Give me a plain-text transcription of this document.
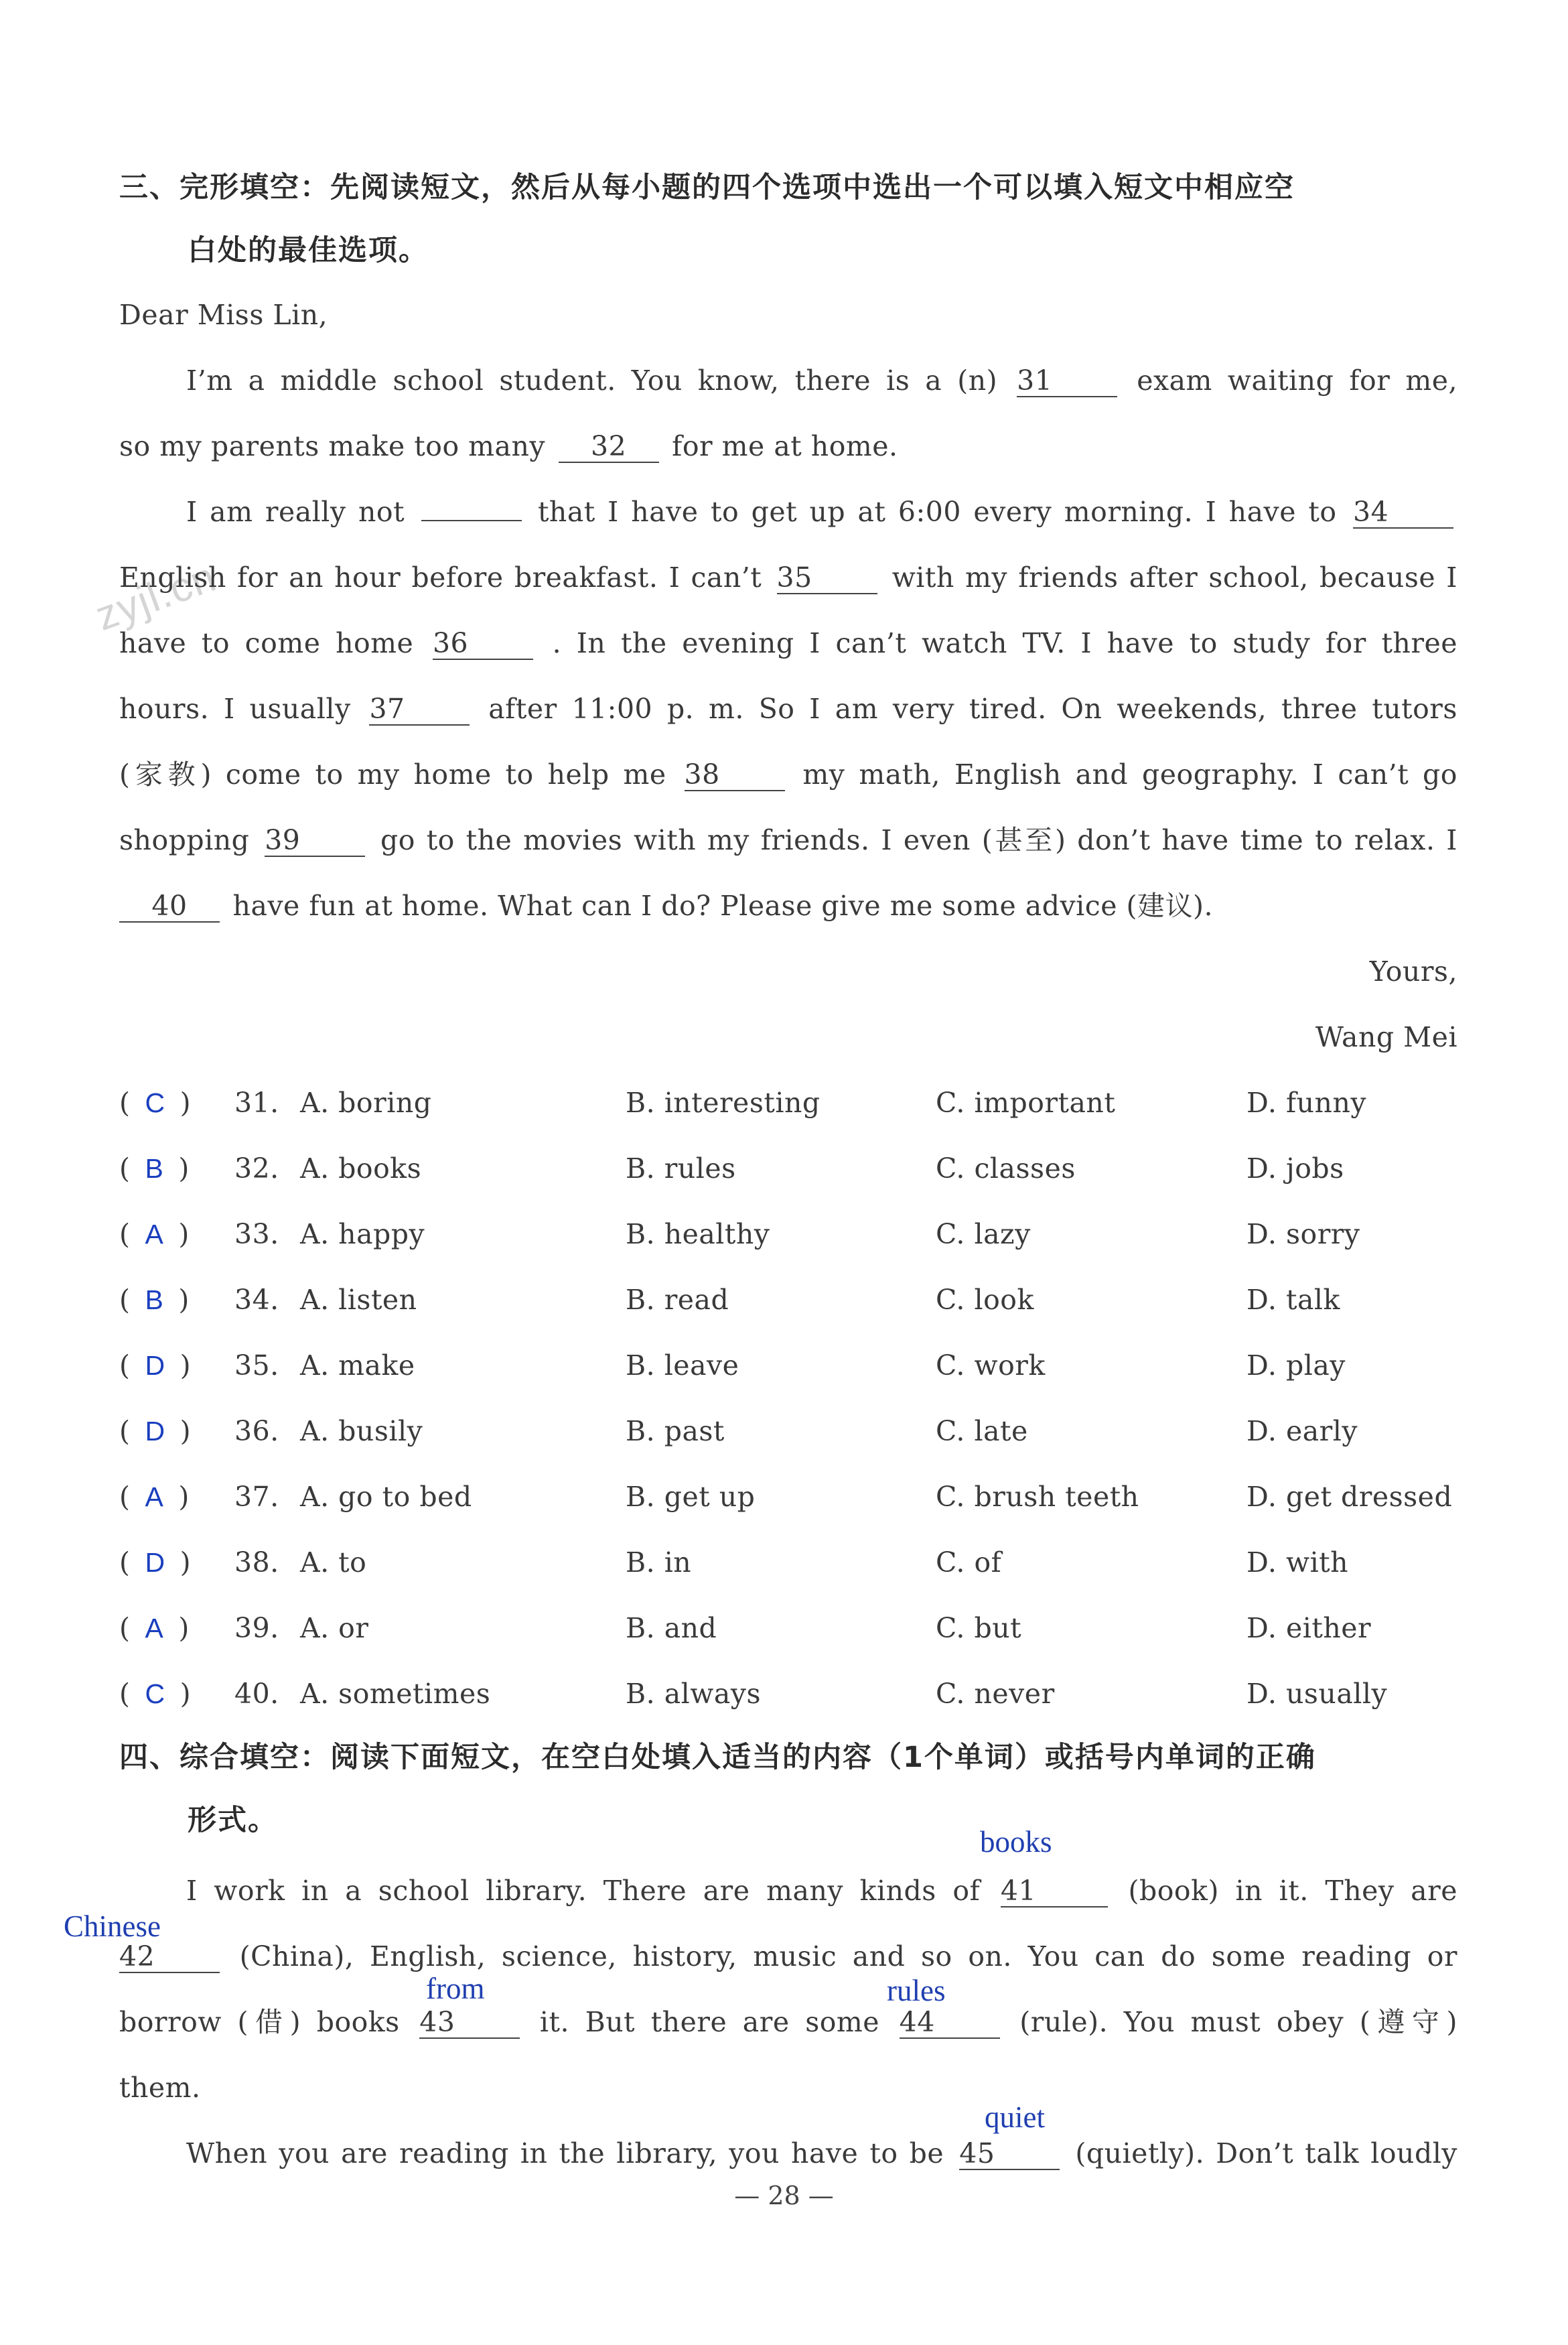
zyjl.cn
三、完形填空：先阅读短文，然后从每小题的四个选项中选出一个可以填入短文中相应空
白处的最佳选项。
Dear Miss Lin,
I’m a middle school student. You know, there is a (n) 31	exam waiting for me,
so my parents make too many 32 for me at home.
I am really not	that I have to get up at 6:00 every morning. I have to 34
English for an hour before breakfast. I can’t 35	with my friends after school, because I
have to come home 36	. In the evening I can’t watch TV. I have to study for three
hours. I usually 37	after 11:00 p. m. So I am very tired. On weekends, three tutors
(家教) come to my home to help me 38	my math, English and geography. I can’t go
shopping 39	go to the movies with my friends. I even (甚至) don’t have time to relax. I
40 have fun at home. What can I do? Please give me some advice (建议).
Yours,
Wang Mei
( C ) 31. A. boring	B. interesting	C. important	D. funny
( B ) 32. A. books	B. rules	C. classes	D. jobs
( A ) 33. A. happy	B. healthy	C. lazy	D. sorry
( B ) 34. A. listen	B. read	C. look	D. talk
( D ) 35. A. make	B. leave	C. work	D. play
( D ) 36. A. busily	B. past	C. late	D. early
( A ) 37. A. go to bed	B. get up	C. brush teeth	D. get dressed
( D ) 38. A. to	B. in	C. of	D. with
( A ) 39. A. or	B. and	C. but	D. either
( C ) 40. A. sometimes	B. always	C. never	D. usually
四、综合填空：阅读下面短文，在空白处填入适当的内容（1个单词）或括号内单词的正确
形式。
books
Chinese
from	rules
quiet
I work in a school library. There are many kinds of 41	(book) in it. They are
42	(China), English, science, history, music and so on. You can do some reading or
borrow (借) books 43	it. But there are some 44	(rule). You must obey (遵守)
them.
When you are reading in the library, you have to be 45	(quietly). Don’t talk loudly
— 28 —
